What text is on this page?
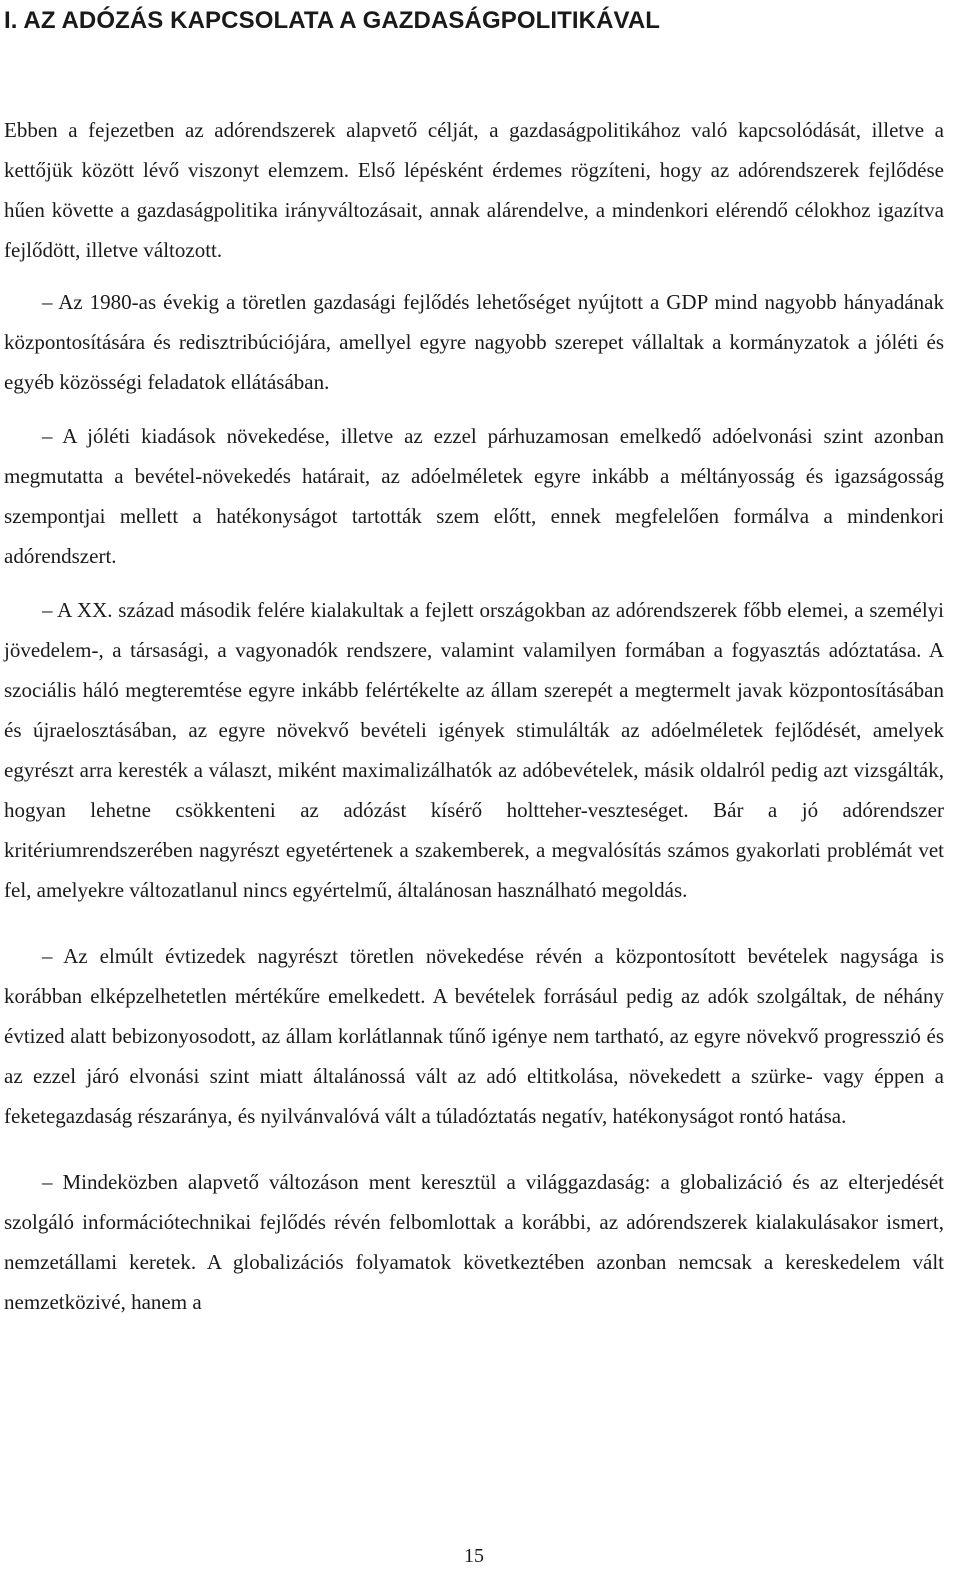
I. AZ ADÓZÁS KAPCSOLATA A GAZDASÁGPOLITIKÁVAL

Ebben a fejezetben az adórendszerek alapvető célját, a gazdaságpolitikához való kapcsolódását, illetve a kettőjük között lévő viszonyt elemzem. Első lépésként érdemes rögzíteni, hogy az adórendszerek fejlődése hűen követte a gazdaságpolitika irányváltozásait, annak alárendelve, a mindenkori elérendő célokhoz igazítva fejlődött, illetve változott.

– Az 1980-as évekig a töretlen gazdasági fejlődés lehetőséget nyújtott a GDP mind nagyobb hányadának központosítására és redisztribúciójára, amellyel egyre nagyobb szerepet vállaltak a kormányzatok a jóléti és egyéb közösségi feladatok ellátásában.

– A jóléti kiadások növekedése, illetve az ezzel párhuzamosan emelkedő adóelvonási szint azonban megmutatta a bevétel-növekedés határait, az adóelméletek egyre inkább a méltányosság és igazságosság szempontjai mellett a hatékonyságot tartották szem előtt, ennek megfelelően formálva a mindenkori adórendszert.

– A XX. század második felére kialakultak a fejlett országokban az adórendszerek főbb elemei, a személyi jövedelem-, a társasági, a vagyonadók rendszere, valamint valamilyen formában a fogyasztás adóztatása. A szociális háló megteremtése egyre inkább felértékelte az állam szerepét a megtermelt javak központosításában és újraelosztásában, az egyre növekvő bevételi igények stimulálták az adóelméletek fejlődését, amelyek egyrészt arra keresték a választ, miként maximalizálhatók az adóbevételek, másik oldalról pedig azt vizsgálták, hogyan lehetne csökkenteni az adózást kísérő holtteher-veszteséget. Bár a jó adórendszer kritériumrendszerében nagyrészt egyetértenek a szakemberek, a megvalósítás számos gyakorlati problémát vet fel, amelyekre változatlanul nincs egyértelmű, általánosan használható megoldás.

– Az elmúlt évtizedek nagyrészt töretlen növekedése révén a központosított bevételek nagysága is korábban elképzelhetetlen mértékűre emelkedett. A bevételek forrásául pedig az adók szolgáltak, de néhány évtized alatt bebizonyosodott, az állam korlátlannak tűnő igénye nem tartható, az egyre növekvő progresszió és az ezzel járó elvonási szint miatt általánossá vált az adó eltitkolása, növekedett a szürke- vagy éppen a feketegazdaság részaránya, és nyilvánvalóvá vált a túladóztatás negatív, hatékonyságot rontó hatása.

– Mindeközben alapvető változáson ment keresztül a világgazdaság: a globalizáció és az elterjedését szolgáló információtechnikai fejlődés révén felbomlottak a korábbi, az adórendszerek kialakulásakor ismert, nemzetállami keretek. A globalizációs folyamatok következtében azonban nemcsak a kereskedelem vált nemzetközivé, hanem a

15
